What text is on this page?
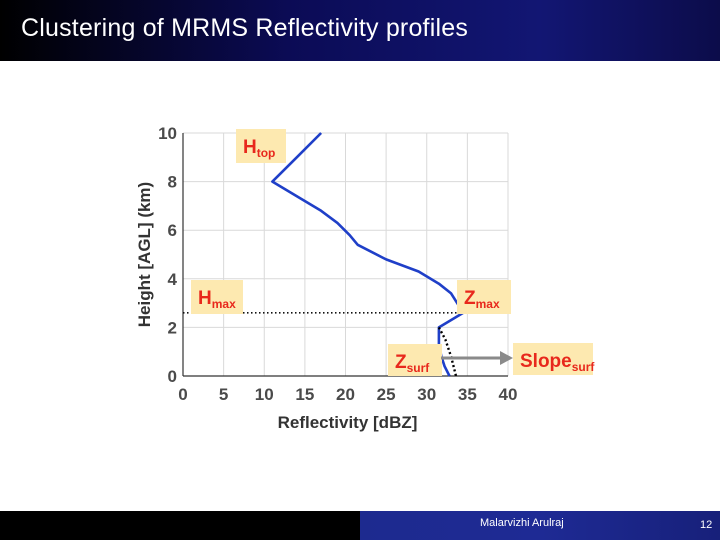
Clustering of MRMS Reflectivity profiles
0 5 10 15 20 25 30 35 40
0
2
4
6
8
10
Reflectivity [dBZ]
Height [AGL] (km)
$H_{top}$
$H_{max}$	$Z_{max}$
$Z_{surf}$	Slope$_{surf}$
Malarvizhi Arulraj	12
